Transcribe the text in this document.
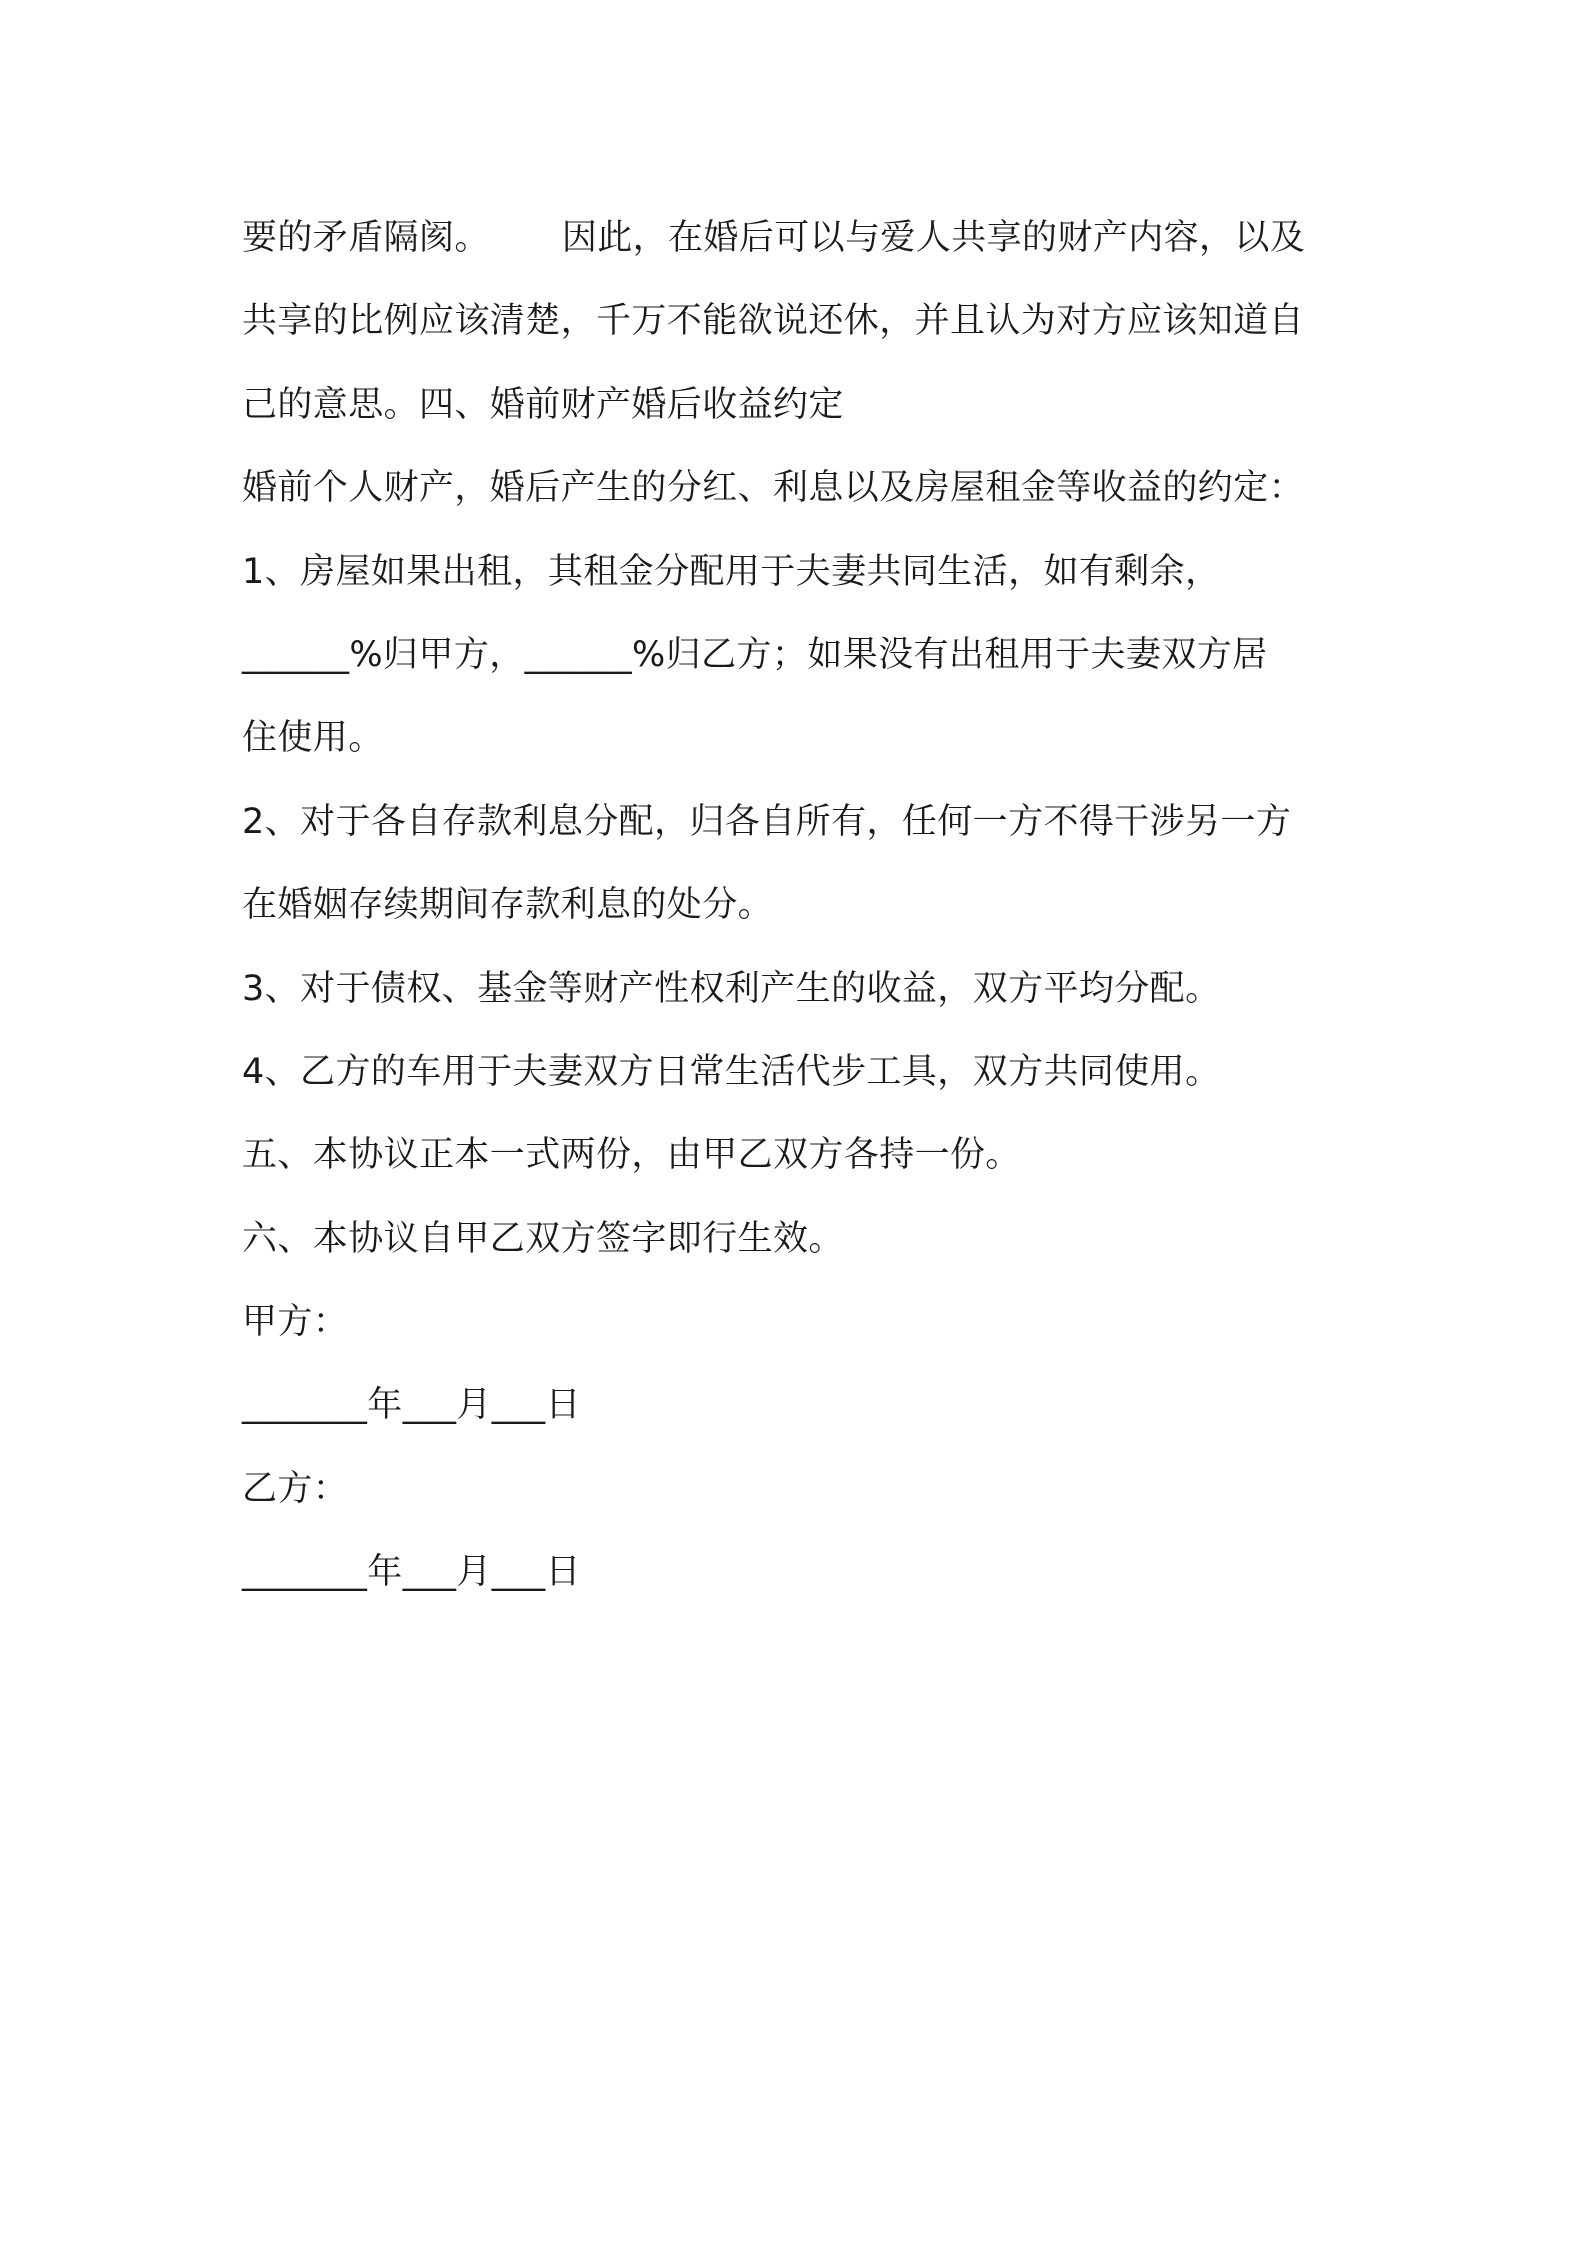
要的矛盾隔阂。 因此，在婚后可以与爱人共享的财产内容，以及
共享的比例应该清楚，千万不能欲说还休，并且认为对方应该知道自
己的意思。四、婚前财产婚后收益约定
婚前个人财产，婚后产生的分红、利息以及房屋租金等收益的约定：
1、房屋如果出租，其租金分配用于夫妻共同生活，如有剩余，
______%归甲方，______%归乙方；如果没有出租用于夫妻双方居
住使用。
2、对于各自存款利息分配，归各自所有，任何一方不得干涉另一方
在婚姻存续期间存款利息的处分。
3、对于债权、基金等财产性权利产生的收益，双方平均分配。
4、乙方的车用于夫妻双方日常生活代步工具，双方共同使用。
五、本协议正本一式两份，由甲乙双方各持一份。
六、本协议自甲乙双方签字即行生效。
甲方：
_______年___月___日
乙方：
_______年___月___日
